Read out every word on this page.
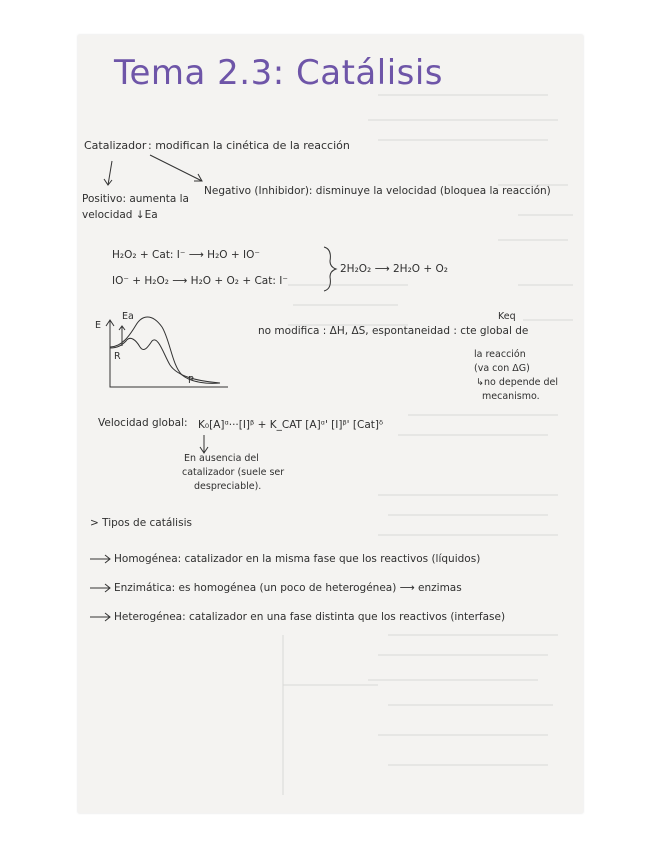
Tema 2.3: Catálisis
Catalizador : modifican la cinética de la reacción
Positivo: aumenta la
velocidad ↓Ea
Negativo (Inhibidor): disminuye la velocidad (bloquea la reacción)
H₂O₂ + Cat: I⁻ ⟶ H₂O + IO⁻
IO⁻ + H₂O₂ ⟶ H₂O + O₂ + Cat: I⁻
2H₂O₂ ⟶ 2H₂O + O₂
E
Ea
R
P
no modifica : ΔH, ΔS, espontaneidad : cte global de
Keq
la reacción
(va con ΔG)
↳no depende del
mecanismo.
Velocidad global: K₀[A]ᵅ···[I]ᵝ + K_CAT [A]ᵅ' [I]ᵝ' [Cat]ᵟ
En ausencia del
catalizador (suele ser
despreciable).
> Tipos de catálisis
Homogénea: catalizador en la misma fase que los reactivos (líquidos)
Enzimática: es homogénea (un poco de heterogénea) ⟶ enzimas
Heterogénea: catalizador en una fase distinta que los reactivos (interfase)
